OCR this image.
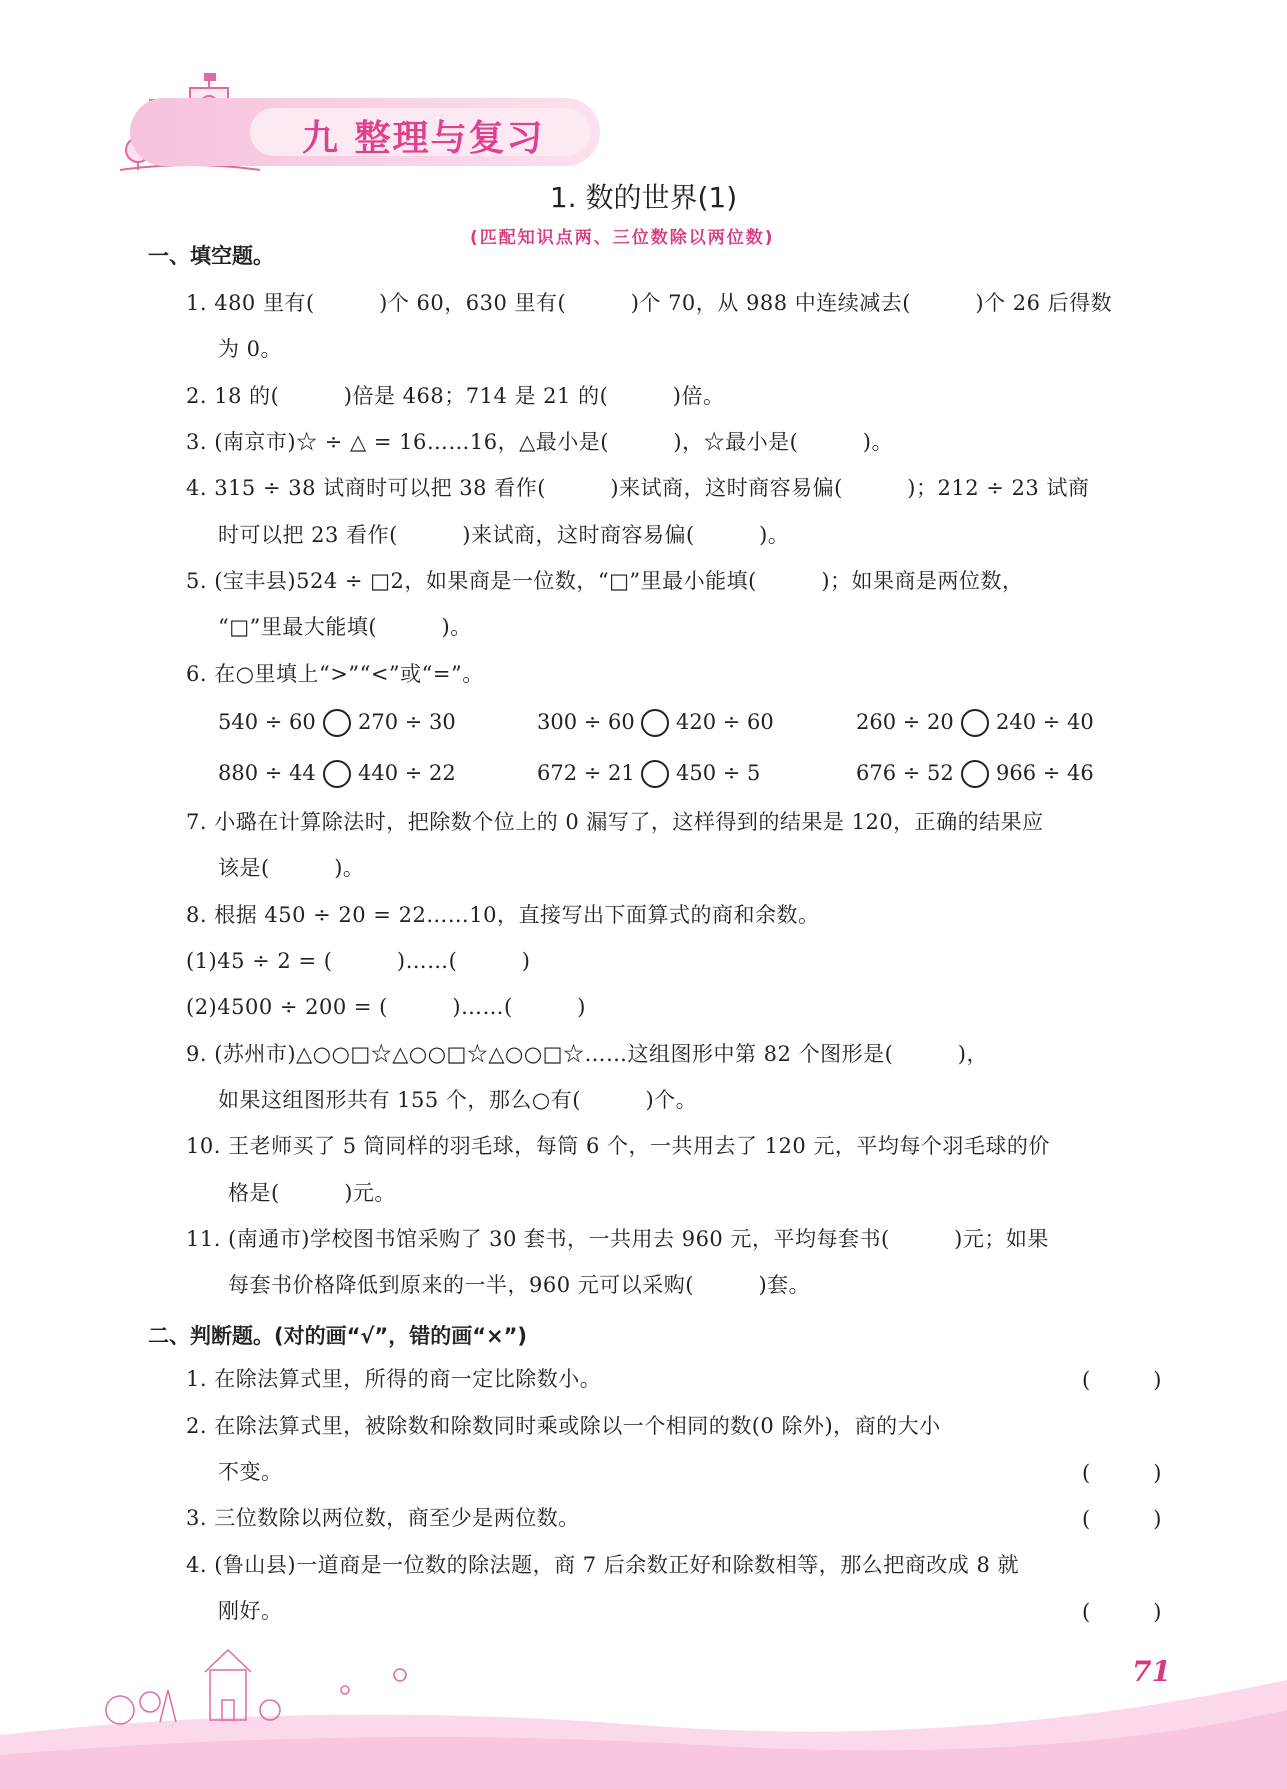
九 整理与复习
1. 数的世界(1)
(匹配知识点两、三位数除以两位数)
一、填空题。
1. 480 里有(　　　)个 60，630 里有(　　　)个 70，从 988 中连续减去(　　　)个 26 后得数
为 0。
2. 18 的(　　　)倍是 468；714 是 21 的(　　　)倍。
3. (南京市)☆ ÷ △ = 16……16，△最小是(　　　)，☆最小是(　　　)。
4. 315 ÷ 38 试商时可以把 38 看作(　　　)来试商，这时商容易偏(　　　)；212 ÷ 23 试商
时可以把 23 看作(　　　)来试商，这时商容易偏(　　　)。
5. (宝丰县)524 ÷ □2，如果商是一位数，“□”里最小能填(　　　)；如果商是两位数，
“□”里最大能填(　　　)。
6. 在○里填上“>”“<”或“=”。
540 ÷ 60 270 ÷ 30	300 ÷ 60 420 ÷ 60	260 ÷ 20 240 ÷ 40
880 ÷ 44 440 ÷ 22	672 ÷ 21 450 ÷ 5	676 ÷ 52 966 ÷ 46
7. 小璐在计算除法时，把除数个位上的 0 漏写了，这样得到的结果是 120，正确的结果应
该是(　　　)。
8. 根据 450 ÷ 20 = 22……10，直接写出下面算式的商和余数。
(1)45 ÷ 2 = (　　　)……(　　　)
(2)4500 ÷ 200 = (　　　)……(　　　)
9. (苏州市)△○○□☆△○○□☆△○○□☆……这组图形中第 82 个图形是(　　　)，
如果这组图形共有 155 个，那么○有(　　　)个。
10. 王老师买了 5 筒同样的羽毛球，每筒 6 个，一共用去了 120 元，平均每个羽毛球的价
格是(　　　)元。
11. (南通市)学校图书馆采购了 30 套书，一共用去 960 元，平均每套书(　　　)元；如果
每套书价格降低到原来的一半，960 元可以采购(　　　)套。
二、判断题。(对的画“√”，错的画“×”)
1. 在除法算式里，所得的商一定比除数小。	(　　　)
2. 在除法算式里，被除数和除数同时乘或除以一个相同的数(0 除外)，商的大小
不变。	(　　　)
3. 三位数除以两位数，商至少是两位数。	(　　　)
4. (鲁山县)一道商是一位数的除法题，商 7 后余数正好和除数相等，那么把商改成 8 就
刚好。	(　　　)
71
